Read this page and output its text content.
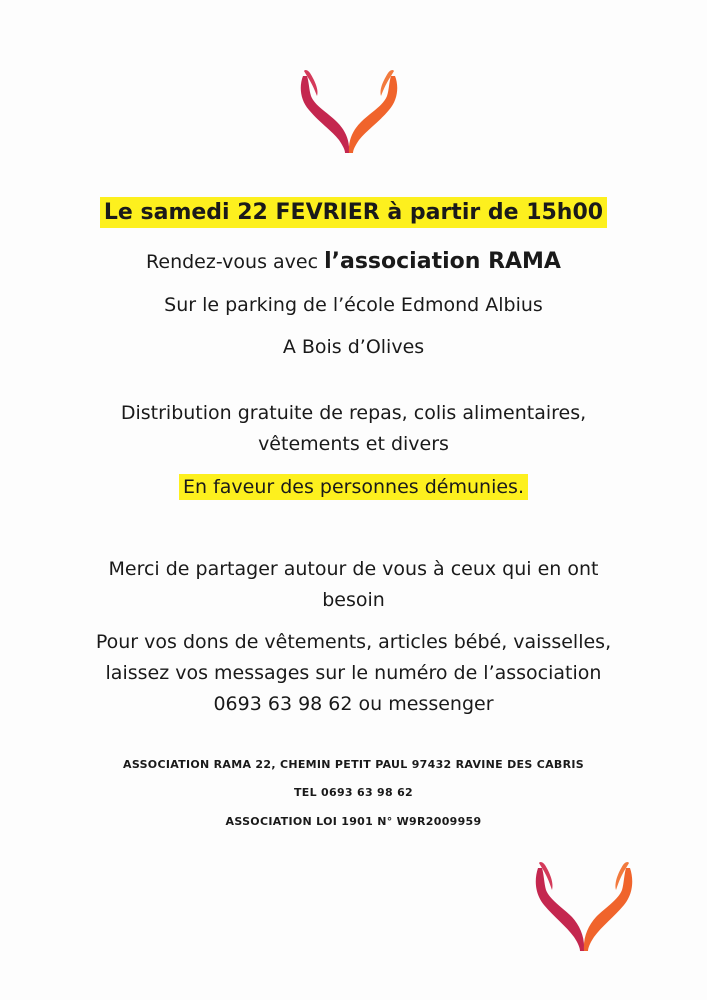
Le samedi 22 FEVRIER à partir de 15h00
Rendez-vous avec l’association RAMA
Sur le parking de l’école Edmond Albius
A Bois d’Olives
Distribution gratuite de repas, colis alimentaires,
vêtements et divers
En faveur des personnes démunies.
Merci de partager autour de vous à ceux qui en ont
besoin
Pour vos dons de vêtements, articles bébé, vaisselles,
laissez vos messages sur le numéro de l’association
0693 63 98 62 ou messenger
ASSOCIATION RAMA 22, CHEMIN PETIT PAUL 97432 RAVINE DES CABRIS
TEL 0693 63 98 62
ASSOCIATION LOI 1901 N° W9R2009959
